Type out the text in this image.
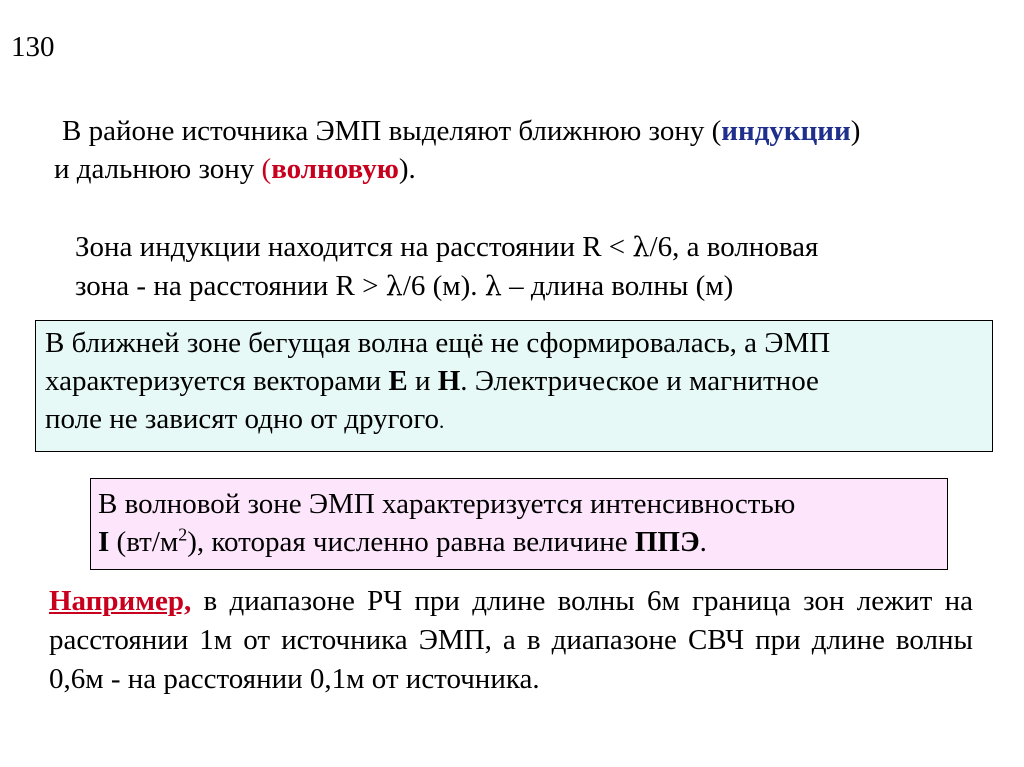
130
В районе источника ЭМП выделяют ближнюю зону (индукции)
и дальнюю зону (волновую).
Зона индукции находится на расстоянии R < λ/6, а волновая
зона - на расстоянии R > λ/6 (м). λ – длина волны (м)
В ближней зоне бегущая волна ещё не сформировалась, а ЭМП
характеризуется векторами Е и Н. Электрическое и магнитное
поле не зависят одно от другого.
В волновой зоне ЭМП характеризуется интенсивностью
I $(вт/м^2)$, которая численно равна величине ППЭ.
Например, в диапазоне РЧ при длине волны 6м граница зон лежит на расстоянии 1м от источника ЭМП, а в диапазоне СВЧ при длине волны 0,6м - на расстоянии 0,1м от источника.
